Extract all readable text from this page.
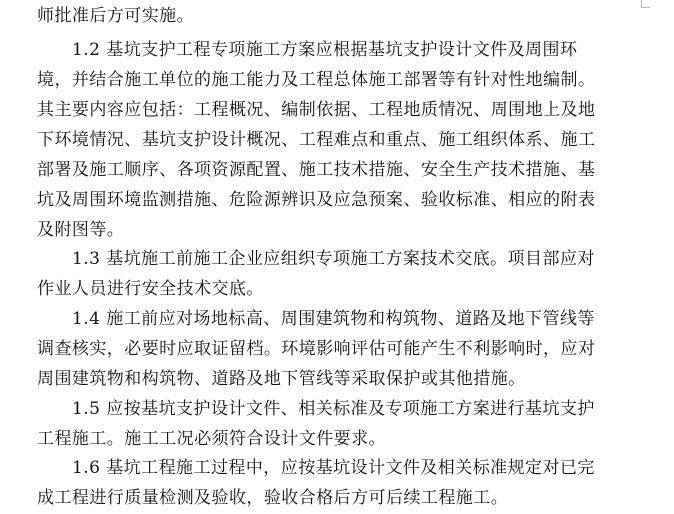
师批准后方可实施。
1.2 基坑支护工程专项施工方案应根据基坑支护设计文件及周围环
境，并结合施工单位的施工能力及工程总体施工部署等有针对性地编制。
其主要内容应包括：工程概况、编制依据、工程地质情况、周围地上及地
下环境情况、基坑支护设计概况、工程难点和重点、施工组织体系、施工
部署及施工顺序、各项资源配置、施工技术措施、安全生产技术措施、基
坑及周围环境监测措施、危险源辨识及应急预案、验收标准、相应的附表
及附图等。
1.3 基坑施工前施工企业应组织专项施工方案技术交底。项目部应对
作业人员进行安全技术交底。
1.4 施工前应对场地标高、周围建筑物和构筑物、道路及地下管线等
调查核实，必要时应取证留档。环境影响评估可能产生不利影响时，应对
周围建筑物和构筑物、道路及地下管线等采取保护或其他措施。
1.5 应按基坑支护设计文件、相关标准及专项施工方案进行基坑支护
工程施工。施工工况必须符合设计文件要求。
1.6 基坑工程施工过程中，应按基坑设计文件及相关标准规定对已完
成工程进行质量检测及验收，验收合格后方可后续工程施工。
